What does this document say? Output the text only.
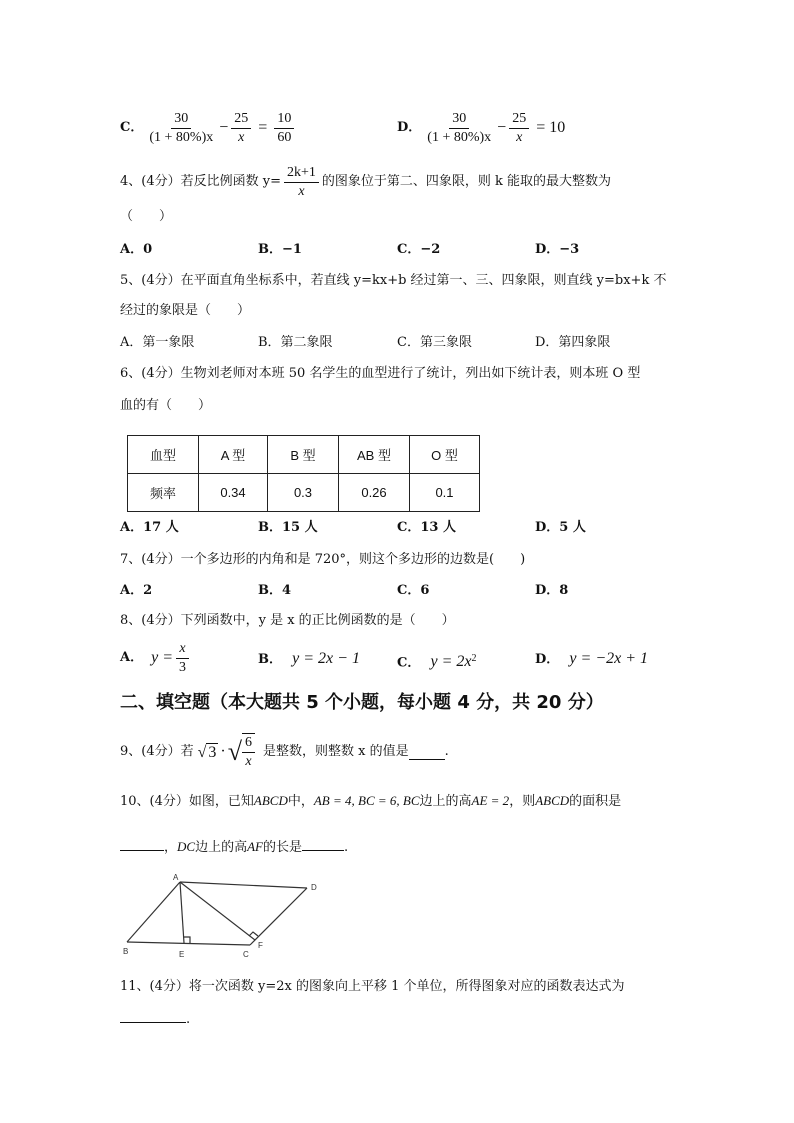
C． $\frac{30}{(1 + 80\%)x} - \frac{25}{x} = \frac{10}{60}$	D． $\frac{30}{(1 + 80\%)x} - \frac{25}{x} = 10$
4、(4分）若反比例函数 $y= \frac{2k+1}{x}$ 的图象位于第二、四象限，则 k 能取的最大整数为
（　　）
A．0	B．−1	C．−2	D．−3
5、(4分）在平面直角坐标系中，若直线 y=kx+b 经过第一、三、四象限，则直线 y=bx+k 不
经过的象限是（　　）
A．第一象限	B．第二象限	C．第三象限	D．第四象限
6、(4分）生物刘老师对本班 50 名学生的血型进行了统计，列出如下统计表，则本班 O 型
血的有（　　）
血型	A 型	B 型	AB 型	O 型
频率	0.34	0.3	0.26	0.1
A．17 人	B．15 人	C．13 人	D．5 人
7、(4分）一个多边形的内角和是 720°，则这个多边形的边数是(　　)
A．2	B．4	C．6	D．8
8、(4分）下列函数中，y 是 x 的正比例函数的是（　　）
A． $y = \frac{x}{3}$	B． y = 2x − 1	C． $y = 2x^2$	D． y = −2x + 1
二、填空题（本大题共 5 个小题，每小题 4 分，共 20 分）
9、(4分）若 √ 3 · √ $\frac{6}{x}$ 是整数，则整数 x 的值是	.
10、(4分）如图，已知ABCD中，AB = 4, BC = 6, BC边上的高AE = 2，则ABCD的面积是
，DC边上的高AF的长是	.
A
D
B	E	C
F
11、(4分）将一次函数 y=2x 的图象向上平移 1 个单位，所得图象对应的函数表达式为
.
